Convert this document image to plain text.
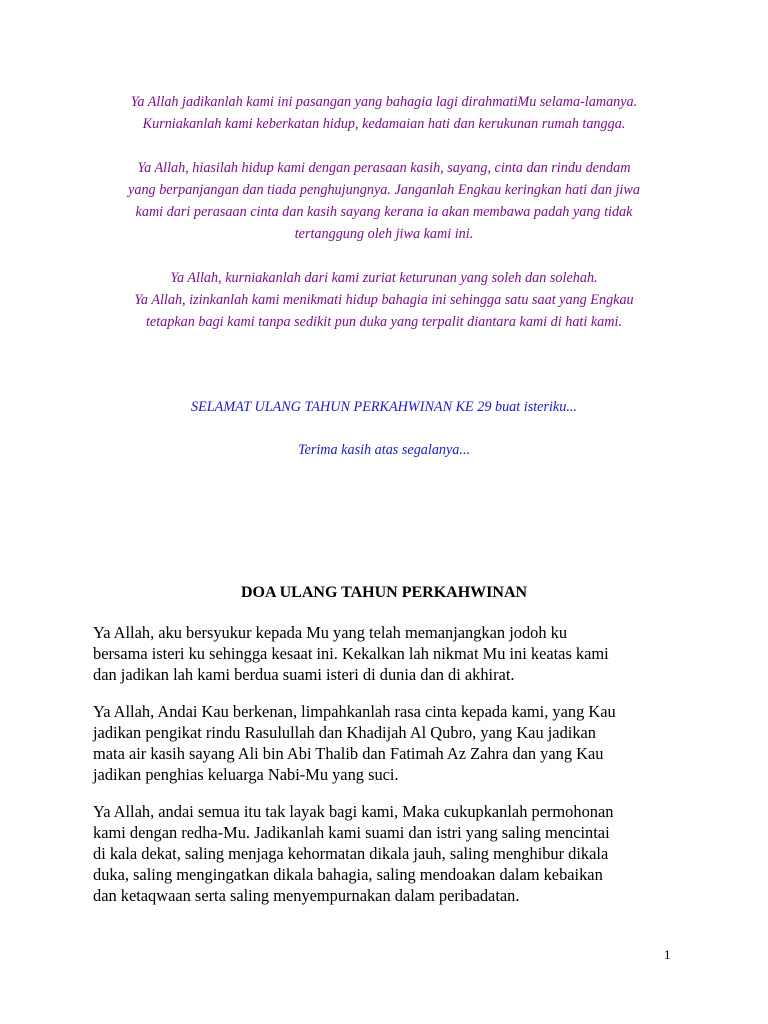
Ya Allah jadikanlah kami ini pasangan yang bahagia lagi dirahmatiMu selama-lamanya.

Kurniakanlah kami keberkatan hidup, kedamaian hati dan kerukunan rumah tangga.

Ya Allah, hiasilah hidup kami dengan perasaan kasih, sayang, cinta dan rindu dendam

yang berpanjangan dan tiada penghujungnya. Janganlah Engkau keringkan hati dan jiwa

kami dari perasaan cinta dan kasih sayang kerana ia akan membawa padah yang tidak

tertanggung oleh jiwa kami ini.

Ya Allah, kurniakanlah dari kami zuriat keturunan yang soleh dan solehah.

Ya Allah, izinkanlah kami menikmati hidup bahagia ini sehingga satu saat yang Engkau

tetapkan bagi kami tanpa sedikit pun duka yang terpalit diantara kami di hati kami.

SELAMAT ULANG TAHUN PERKAHWINAN KE 29 buat isteriku...
Terima kasih atas segalanya...
DOA ULANG TAHUN PERKAHWINAN
Ya Allah, aku bersyukur kepada Mu yang telah memanjangkan jodoh ku
bersama isteri ku sehingga kesaat ini. Kekalkan lah nikmat Mu ini keatas kami
dan jadikan lah kami berdua suami isteri di dunia dan di akhirat.
Ya Allah, Andai Kau berkenan, limpahkanlah rasa cinta kepada kami, yang Kau
jadikan pengikat rindu Rasulullah dan Khadijah Al Qubro, yang Kau jadikan
mata air kasih sayang Ali bin Abi Thalib dan Fatimah Az Zahra dan yang Kau
jadikan penghias keluarga Nabi-Mu yang suci.
Ya Allah, andai semua itu tak layak bagi kami, Maka cukupkanlah permohonan
kami dengan redha-Mu. Jadikanlah kami suami dan istri yang saling mencintai
di kala dekat, saling menjaga kehormatan dikala jauh, saling menghibur dikala
duka, saling mengingatkan dikala bahagia, saling mendoakan dalam kebaikan
dan ketaqwaan serta saling menyempurnakan dalam peribadatan.
1
